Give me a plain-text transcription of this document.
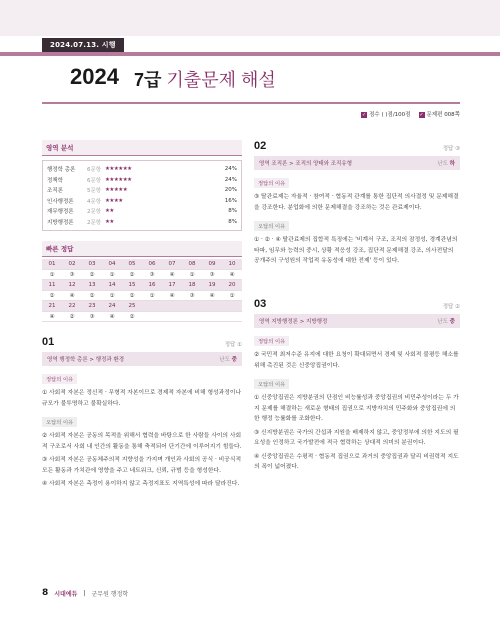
2024.07.13. 시행
2024 7급 기출문제 해설
✓ 점수 ( )점/100점 ✓ 문제편 008쪽
영역 분석
행정학 총론	6문항 ★★★★★★	24%
정책학	6문항 ★★★★★★	24%
조직론	5문항 ★★★★★	20%
인사행정론	4문항 ★★★★	16%
재무행정론	2문항 ★★	8%
지방행정론	2문항 ★★	8%
빠른 정답
01	02	03	04	05	06	07	08	09	10
①	③	②	①	②	③	④	①	③	④
11	12	13	14	15	16	17	18	19	20
②	④	②	①	②	①	④	③	④	①
21	22	23	24	25
④	②	③	④	②
01	정답 ①
영역 행정학 총론 > 행정과 환경	난도 중
정답의 이유
① 사회적 자본은 정신적 · 무형적 자본이므로 경제적 자본에 비해 형성과정이나 규모가 불투명하고 불확실하다.
오답의 이유
② 사회적 자본은 공동의 목적을 위해서 협력을 바탕으로 한 사람들 사이의 사회적 구조로서 사회 내 인간의 활동을 통해 축적되어 단기간에 이루어지기 힘들다.
③ 사회적 자본은 공동체주의적 지향성을 가지며 개인과 사회의 공식 · 비공식적 모든 활동과 가치관에 영향을 주고 네트워크, 신뢰, 규범 등을 형성한다.
④ 사회적 자본은 측정이 용이하지 않고 측정지표도 지역특성에 따라 달라진다.
02	정답 ③
영역 조직론 > 조직의 양태와 조직유형	난도 하
정답의 이유
③ 탈관료제는 자율적 · 참여적 · 협동적 관계를 통한 집단적 의사결정 및 문제해결을 강조한다. 분업화에 의한 문제해결을 강조하는 것은 관료제이다.
오답의 이유
① · ② · ④ 탈관료제의 집합적 특징에는 '비계서 구조, 조직의 잠정성, 경계관념의 타파, 임무와 능력의 중시, 상황 적응성 강조, 집단적 문제해결 강조, 의사전달의 공개주의 구성원의 작업적 유동성에 대한 전제' 등이 있다.
03	정답 ②
영역 지방행정론 > 지방행정	난도 중
정답의 이유
② 국민적 최저수준 유지에 대한 요청이 확대되면서 경제 및 사회적 불평등 해소를 위해 촉진된 것은 신중앙집권이다.
오답의 이유
① 신중앙집권은 지방분권의 단점인 비능률성과 중앙집권의 비민주성이라는 두 가지 문제를 해결하는 새로운 형태의 집권으로 지방자치의 민주화와 중앙집권에 의한 행정 능률화를 조화한다.
③ 신지방분권은 국가의 간섭과 지원을 배제하지 않고, 중앙정부에 의한 지도의 필요성을 인정하고 국가발전에 적극 협력하는 상대적 의미의 분권이다.
④ 신중앙집권은 수평적 · 협동적 집권으로 과거의 중앙집권과 달리 비권력적 지도의 폭이 넓어졌다.
8 시대에듀 | 군무원 행정학
